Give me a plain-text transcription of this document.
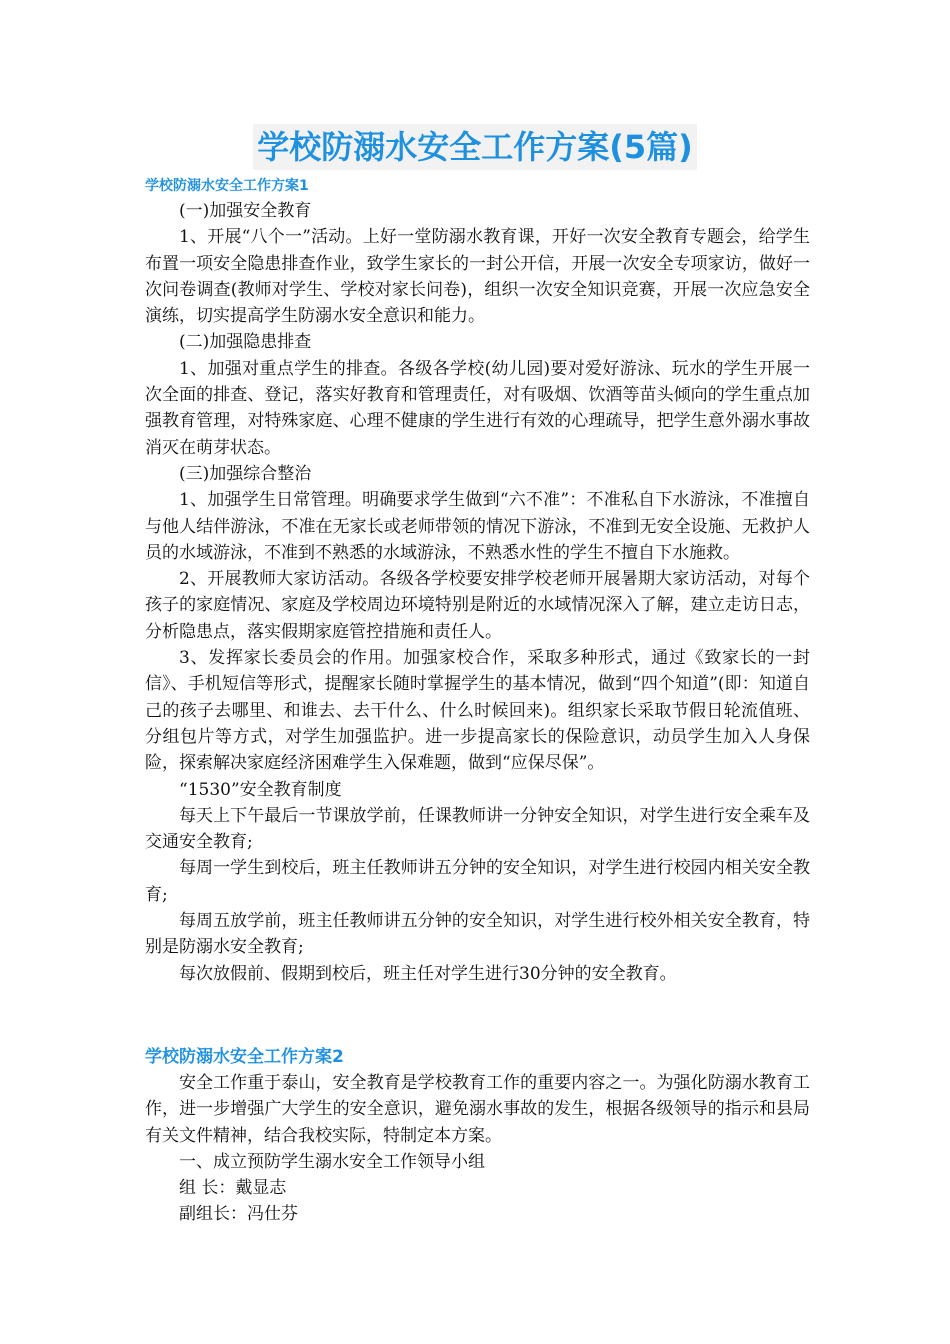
学校防溺水安全工作方案(5篇)
学校防溺水安全工作方案1

(一)加强安全教育

1、开展“八个一”活动。上好一堂防溺水教育课，开好一次安全教育专题会，给学生布置一项安全隐患排查作业，致学生家长的一封公开信，开展一次安全专项家访，做好一次问卷调查(教师对学生、学校对家长问卷)，组织一次安全知识竞赛，开展一次应急安全演练，切实提高学生防溺水安全意识和能力。

(二)加强隐患排查

1、加强对重点学生的排查。各级各学校(幼儿园)要对爱好游泳、玩水的学生开展一次全面的排查、登记，落实好教育和管理责任，对有吸烟、饮酒等苗头倾向的学生重点加强教育管理，对特殊家庭、心理不健康的学生进行有效的心理疏导，把学生意外溺水事故消灭在萌芽状态。

(三)加强综合整治

1、加强学生日常管理。明确要求学生做到“六不准”：不准私自下水游泳，不准擅自与他人结伴游泳，不准在无家长或老师带领的情况下游泳，不准到无安全设施、无救护人员的水域游泳，不准到不熟悉的水域游泳，不熟悉水性的学生不擅自下水施救。

2、开展教师大家访活动。各级各学校要安排学校老师开展暑期大家访活动，对每个孩子的家庭情况、家庭及学校周边环境特别是附近的水域情况深入了解，建立走访日志，分析隐患点，落实假期家庭管控措施和责任人。

3、发挥家长委员会的作用。加强家校合作，采取多种形式，通过《致家长的一封信》、手机短信等形式，提醒家长随时掌握学生的基本情况，做到“四个知道”(即：知道自己的孩子去哪里、和谁去、去干什么、什么时候回来)。组织家长采取节假日轮流值班、分组包片等方式，对学生加强监护。进一步提高家长的保险意识，动员学生加入人身保险，探索解决家庭经济困难学生入保难题，做到“应保尽保”。

“1530”安全教育制度

每天上下午最后一节课放学前，任课教师讲一分钟安全知识，对学生进行安全乘车及交通安全教育;

每周一学生到校后，班主任教师讲五分钟的安全知识，对学生进行校园内相关安全教育;

每周五放学前，班主任教师讲五分钟的安全知识，对学生进行校外相关安全教育，特别是防溺水安全教育;

每次放假前、假期到校后，班主任对学生进行30分钟的安全教育。

学校防溺水安全工作方案2

安全工作重于泰山，安全教育是学校教育工作的重要内容之一。为强化防溺水教育工作，进一步增强广大学生的安全意识，避免溺水事故的发生，根据各级领导的指示和县局有关文件精神，结合我校实际，特制定本方案。

一、成立预防学生溺水安全工作领导小组

组 长：戴显志

副组长：冯仕芬
